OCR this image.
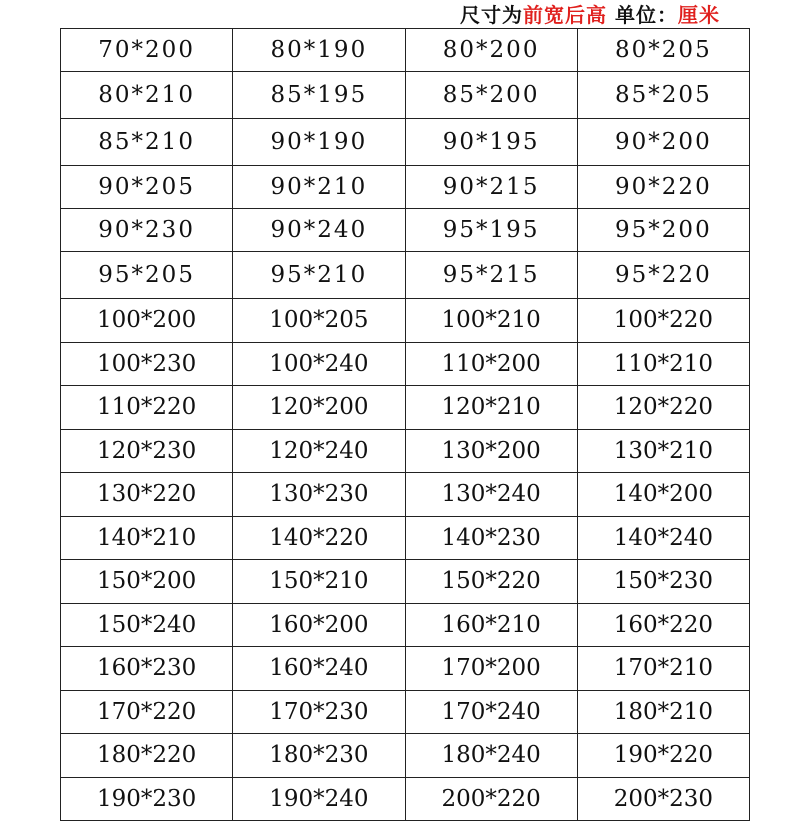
尺寸为前宽后高 单位：厘米
70*200	80*190	80*200	80*205
80*210	85*195	85*200	85*205
85*210	90*190	90*195	90*200
90*205	90*210	90*215	90*220
90*230	90*240	95*195	95*200
95*205	95*210	95*215	95*220
100*200	100*205	100*210	100*220
100*230	100*240	110*200	110*210
110*220	120*200	120*210	120*220
120*230	120*240	130*200	130*210
130*220	130*230	130*240	140*200
140*210	140*220	140*230	140*240
150*200	150*210	150*220	150*230
150*240	160*200	160*210	160*220
160*230	160*240	170*200	170*210
170*220	170*230	170*240	180*210
180*220	180*230	180*240	190*220
190*230	190*240	200*220	200*230
